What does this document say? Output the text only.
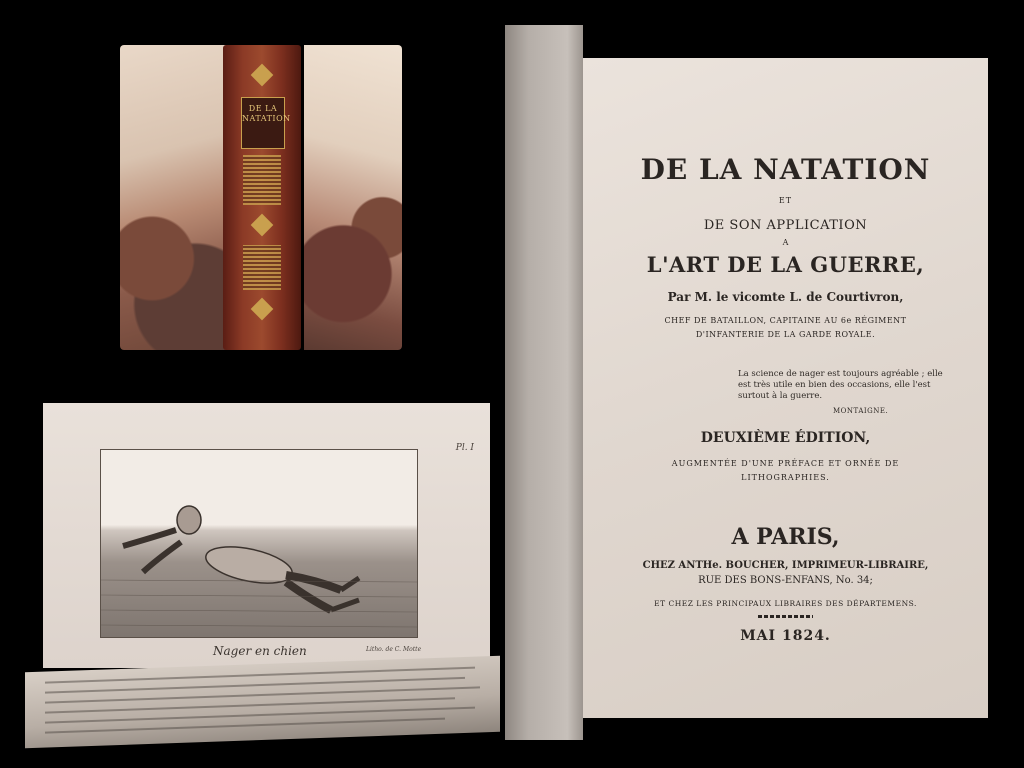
DE LA
NATATION
Pl. I
Nager en chien	Litho. de C. Motte
DE LA NATATION
ET
DE SON APPLICATION
A
L'ART DE LA GUERRE,
Par M. le vicomte L. de Courtivron,
CHEF DE BATAILLON, CAPITAINE AU 6e RÉGIMENT
D'INFANTERIE DE LA GARDE ROYALE.
La science de nager est toujours agréable ; elle est très utile en bien des occasions, elle l'est surtout à la guerre.
MONTAIGNE.
DEUXIÈME ÉDITION,
AUGMENTÉE D'UNE PRÉFACE ET ORNÉE DE
LITHOGRAPHIES.
A PARIS,
CHEZ ANTHe. BOUCHER, IMPRIMEUR-LIBRAIRE,
RUE DES BONS-ENFANS, No. 34;
ET CHEZ LES PRINCIPAUX LIBRAIRES DES DÉPARTEMENS.
MAI 1824.
